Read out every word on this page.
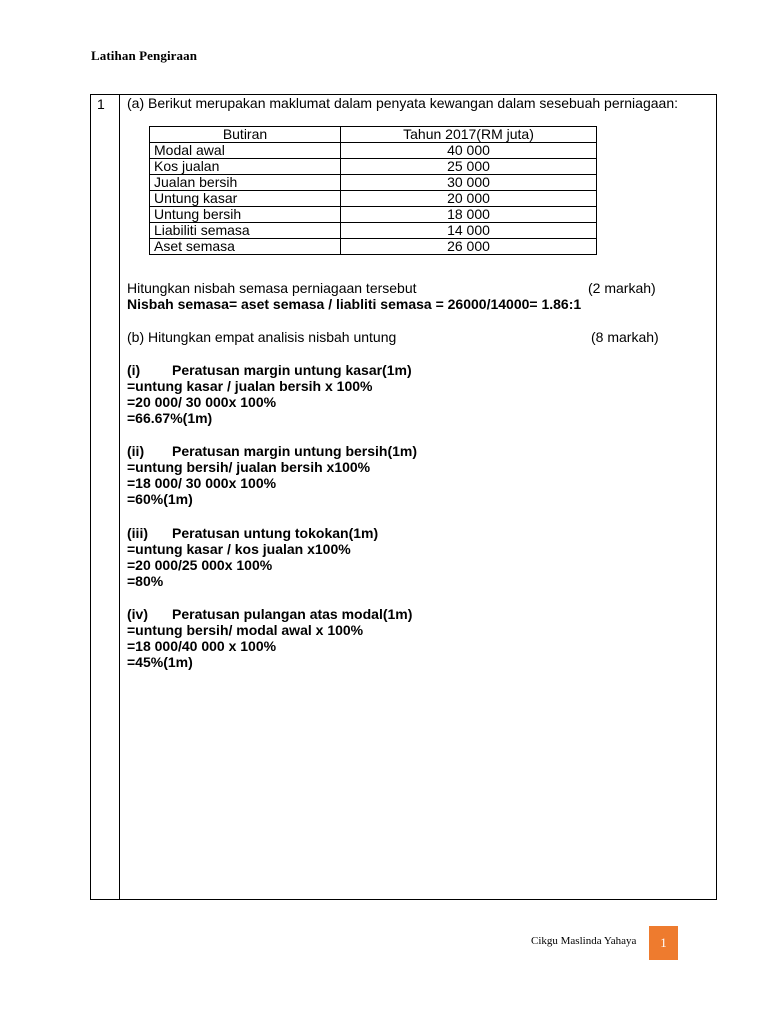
Latihan Pengiraan
1 (a) Berikut merupakan maklumat dalam penyata kewangan dalam sesebuah perniagaan:
Hitungkan nisbah semasa perniagaan tersebut	(2 markah)
Nisbah semasa= aset semasa / liabliti semasa = 26000/14000= 1.86:1
(b) Hitungkan empat analisis nisbah untung	(8 markah)
(i) Peratusan margin untung kasar(1m)
=untung kasar / jualan bersih x 100%
=20 000/ 30 000x 100%
=66.67%(1m)
(ii) Peratusan margin untung bersih(1m)
=untung bersih/ jualan bersih x100%
=18 000/ 30 000x 100%
=60%(1m)
(iii) Peratusan untung tokokan(1m)
=untung kasar / kos jualan x100%
=20 000/25 000x 100%
=80%
(iv) Peratusan pulangan atas modal(1m)
=untung bersih/ modal awal x 100%
=18 000/40 000 x 100%
=45%(1m)
Butiran	Tahun 2017(RM juta)
Modal awal	40 000
Kos jualan	25 000
Jualan bersih	30 000
Untung kasar	20 000
Untung bersih	18 000
Liabiliti semasa	14 000
Aset semasa	26 000
Cikgu Maslinda Yahaya	1
